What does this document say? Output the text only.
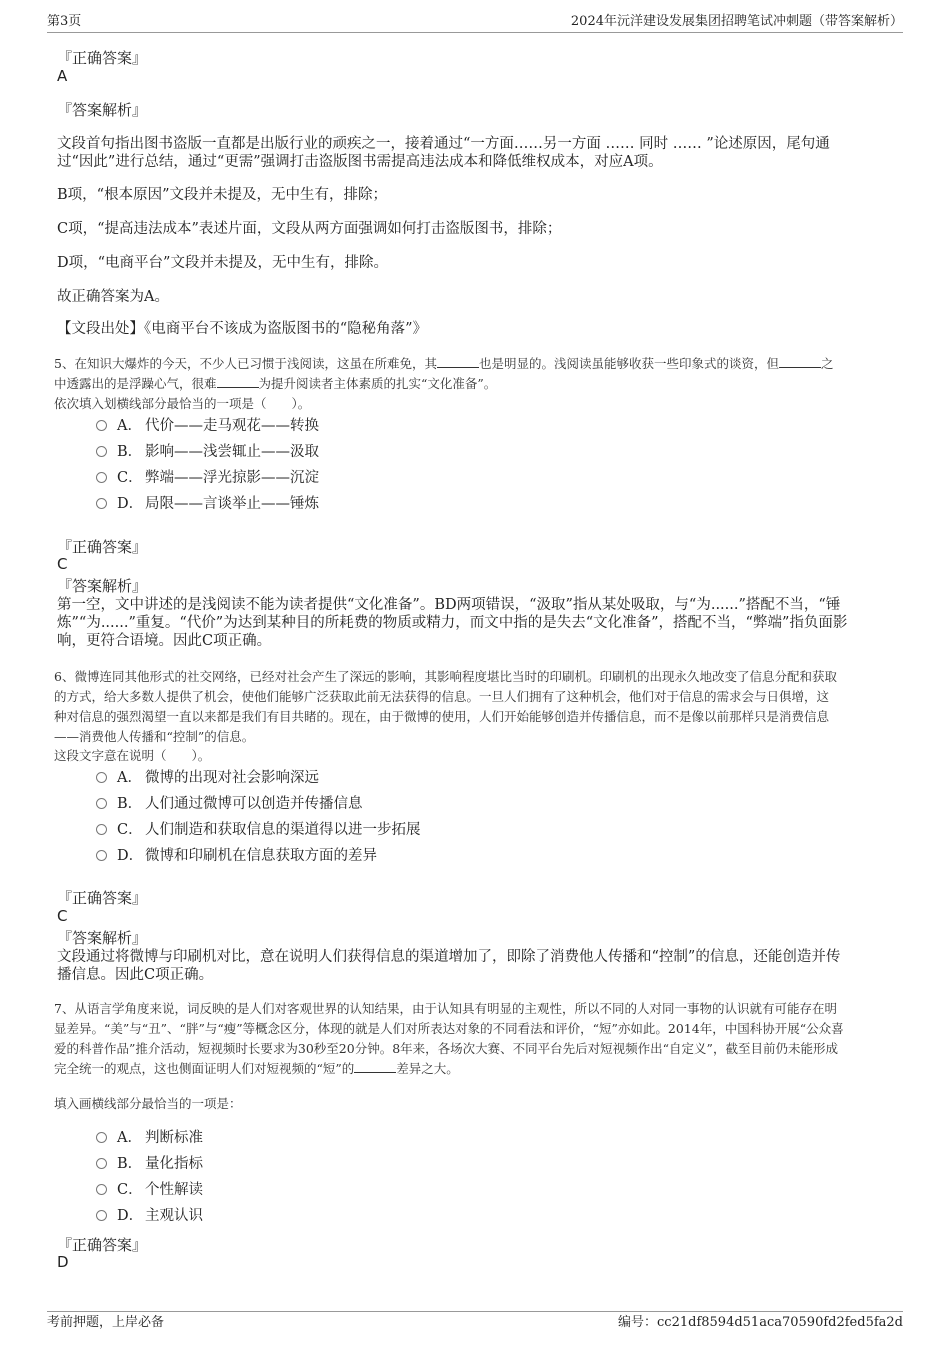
第3页	2024年沅洋建设发展集团招聘笔试冲刺题（带答案解析）
『正确答案』
A
『答案解析』
文段首句指出图书盗版一直都是出版行业的顽疾之一，接着通过“一方面……另一方面 …… 同时 …… ”论述原因，尾句通
过“因此”进行总结，通过“更需”强调打击盗版图书需提高违法成本和降低维权成本，对应A项。
B项，“根本原因”文段并未提及，无中生有，排除；
C项，“提高违法成本”表述片面，文段从两方面强调如何打击盗版图书，排除；
D项，“电商平台”文段并未提及，无中生有，排除。
故正确答案为A。
【文段出处】《电商平台不该成为盗版图书的“隐秘角落”》
5、在知识大爆炸的今天，不少人已习惯于浅阅读，这虽在所难免，其	也是明显的。浅阅读虽能够收获一些印象式的谈资，但	之
中透露出的是浮躁心气，很难	为提升阅读者主体素质的扎实“文化准备”。
依次填入划横线部分最恰当的一项是（　　）。
A． 代价——走马观花——转换
B． 影响——浅尝辄止——汲取
C． 弊端——浮光掠影——沉淀
D． 局限——言谈举止——锤炼
『正确答案』
C
『答案解析』
第一空，文中讲述的是浅阅读不能为读者提供“文化准备”。BD两项错误，“汲取”指从某处吸取，与“为......”搭配不当，“锤
炼”“为......”重复。“代价”为达到某种目的所耗费的物质或精力，而文中指的是失去“文化准备”，搭配不当，“弊端”指负面影
响，更符合语境。因此C项正确。
6、微博连同其他形式的社交网络，已经对社会产生了深远的影响，其影响程度堪比当时的印刷机。印刷机的出现永久地改变了信息分配和获取
的方式，给大多数人提供了机会，使他们能够广泛获取此前无法获得的信息。一旦人们拥有了这种机会，他们对于信息的需求会与日俱增，这
种对信息的强烈渴望一直以来都是我们有目共睹的。现在，由于微博的使用，人们开始能够创造并传播信息，而不是像以前那样只是消费信息
——消费他人传播和“控制”的信息。
这段文字意在说明（　　）。
A． 微博的出现对社会影响深远
B． 人们通过微博可以创造并传播信息
C． 人们制造和获取信息的渠道得以进一步拓展
D． 微博和印刷机在信息获取方面的差异
『正确答案』
C
『答案解析』
文段通过将微博与印刷机对比，意在说明人们获得信息的渠道增加了，即除了消费他人传播和“控制”的信息，还能创造并传
播信息。因此C项正确。
7、从语言学角度来说，词反映的是人们对客观世界的认知结果，由于认知具有明显的主观性，所以不同的人对同一事物的认识就有可能存在明
显差异。“美”与“丑”、“胖”与“瘦”等概念区分，体现的就是人们对所表达对象的不同看法和评价，“短”亦如此。2014年，中国科协开展“公众喜
爱的科普作品”推介活动，短视频时长要求为30秒至20分钟。8年来，各场次大赛、不同平台先后对短视频作出“自定义”，截至目前仍未能形成
完全统一的观点，这也侧面证明人们对短视频的“短”的	差异之大。
填入画横线部分最恰当的一项是：
A． 判断标准
B． 量化指标
C． 个性解读
D． 主观认识
『正确答案』
D
考前押题，上岸必备	编号：cc21df8594d51aca70590fd2fed5fa2d
